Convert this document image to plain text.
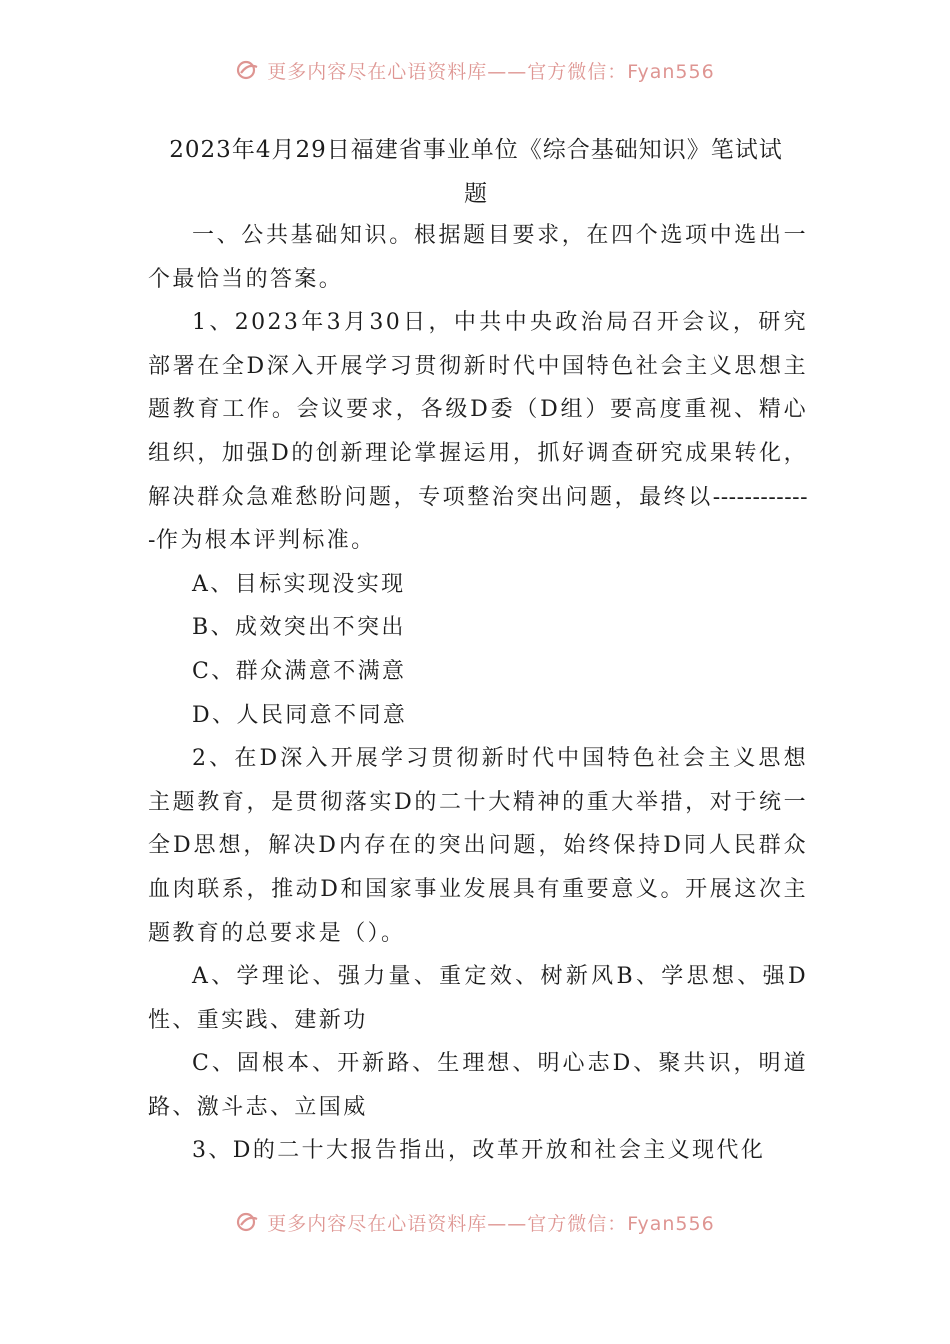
更多内容尽在心语资料库——官方微信：Fyan556
2023年4月29日福建省事业单位《综合基础知识》笔试试
题

一、公共基础知识。根据题目要求，在四个选项中选出一个最恰当的答案。

1、2023年3月30日，中共中央政治局召开会议，研究部署在全D深入开展学习贯彻新时代中国特色社会主义思想主题教育工作。会议要求，各级D委（D组）要高度重视、精心组织，加强D的创新理论掌握运用，抓好调查研究成果转化，解决群众急难愁盼问题，专项整治突出问题，最终以-------------作为根本评判标准。

A、目标实现没实现

B、成效突出不突出

C、群众满意不满意

D、人民同意不同意

2、在D深入开展学习贯彻新时代中国特色社会主义思想主题教育，是贯彻落实D的二十大精神的重大举措，对于统一全D思想，解决D内存在的突出问题，始终保持D同人民群众血肉联系，推动D和国家事业发展具有重要意义。开展这次主题教育的总要求是（）。

A、学理论、强力量、重定效、树新风B、学思想、强D性、重实践、建新功

C、固根本、开新路、生理想、明心志D、聚共识，明道路、激斗志、立国威

3、D的二十大报告指出，改革开放和社会主义现代化

更多内容尽在心语资料库——官方微信：Fyan556
